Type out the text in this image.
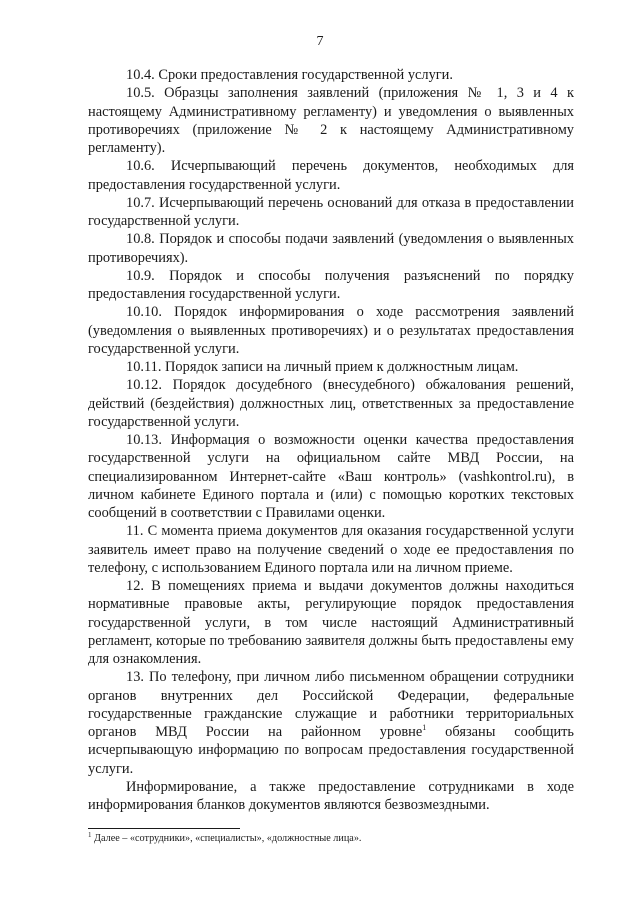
7

10.4. Сроки предоставления государственной услуги.

10.5. Образцы заполнения заявлений (приложения № 1, 3 и 4 к настоящему Административному регламенту) и уведомления о выявленных противоречиях (приложение № 2 к настоящему Административному регламенту).

10.6. Исчерпывающий перечень документов, необходимых для предоставления государственной услуги.

10.7. Исчерпывающий перечень оснований для отказа в предоставлении государственной услуги.

10.8. Порядок и способы подачи заявлений (уведомления о выявленных противоречиях).

10.9. Порядок и способы получения разъяснений по порядку предоставления государственной услуги.

10.10. Порядок информирования о ходе рассмотрения заявлений (уведомления о выявленных противоречиях) и о результатах предоставления государственной услуги.

10.11. Порядок записи на личный прием к должностным лицам.

10.12. Порядок досудебного (внесудебного) обжалования решений, действий (бездействия) должностных лиц, ответственных за предоставление государственной услуги.

10.13. Информация о возможности оценки качества предоставления государственной услуги на официальном сайте МВД России, на специализированном Интернет-сайте «Ваш контроль» (vashkontrol.ru), в личном кабинете Единого портала и (или) с помощью коротких текстовых сообщений в соответствии с Правилами оценки.

11. С момента приема документов для оказания государственной услуги заявитель имеет право на получение сведений о ходе ее предоставления по телефону, с использованием Единого портала или на личном приеме.

12. В помещениях приема и выдачи документов должны находиться нормативные правовые акты, регулирующие порядок предоставления государственной услуги, в том числе настоящий Административный регламент, которые по требованию заявителя должны быть предоставлены ему для ознакомления.

13. По телефону, при личном либо письменном обращении сотрудники органов внутренних дел Российской Федерации, федеральные государственные гражданские служащие и работники территориальных органов МВД России на районном уровне$^1$ обязаны сообщить исчерпывающую информацию по вопросам предоставления государственной услуги.

Информирование, а также предоставление сотрудниками в ходе информирования бланков документов являются безвозмездными.

$^1$ Далее – «сотрудники», «специалисты», «должностные лица».
